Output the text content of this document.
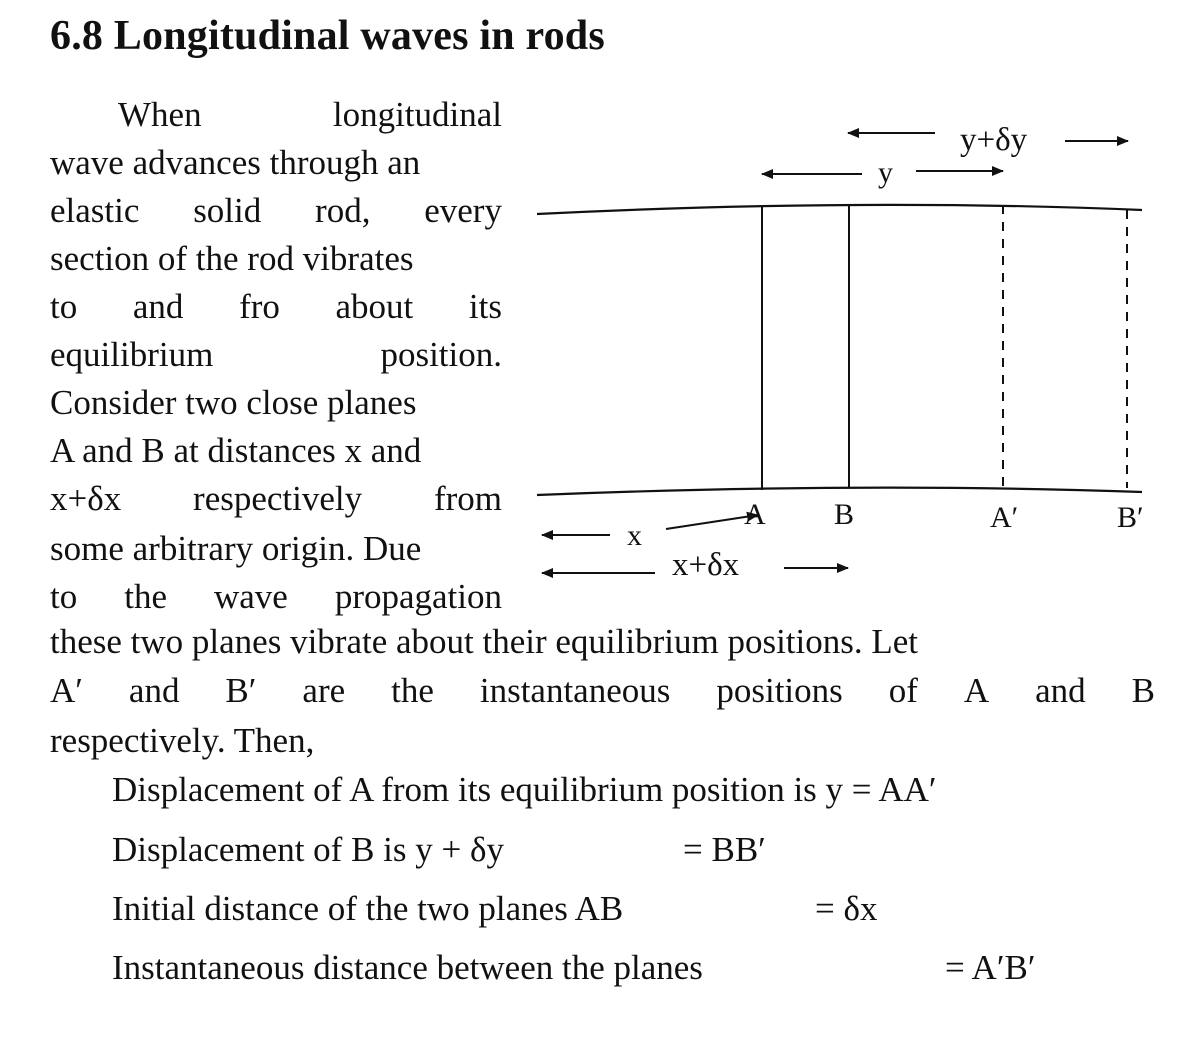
6.8 Longitudinal waves in rods
When	longitudinal
wave advances through an
elastic solid rod, every
section of the rod vibrates
to and fro about its
equilibrium	position.
Consider two close planes
A and B at distances x and
x+δx respectively from
some arbitrary origin. Due
to the wave propagation
these two planes vibrate about their equilibrium positions. Let
A′ and B′ are the instantaneous positions of A and B
respectively. Then,
Displacement of A from its equilibrium position is y = AA′
Displacement of B is y + δy	= BB′
Initial distance of the two planes AB	= δx
Instantaneous distance between the planes	= A′B′
y+δy
y
A B	A′	B′
x
x+δx
